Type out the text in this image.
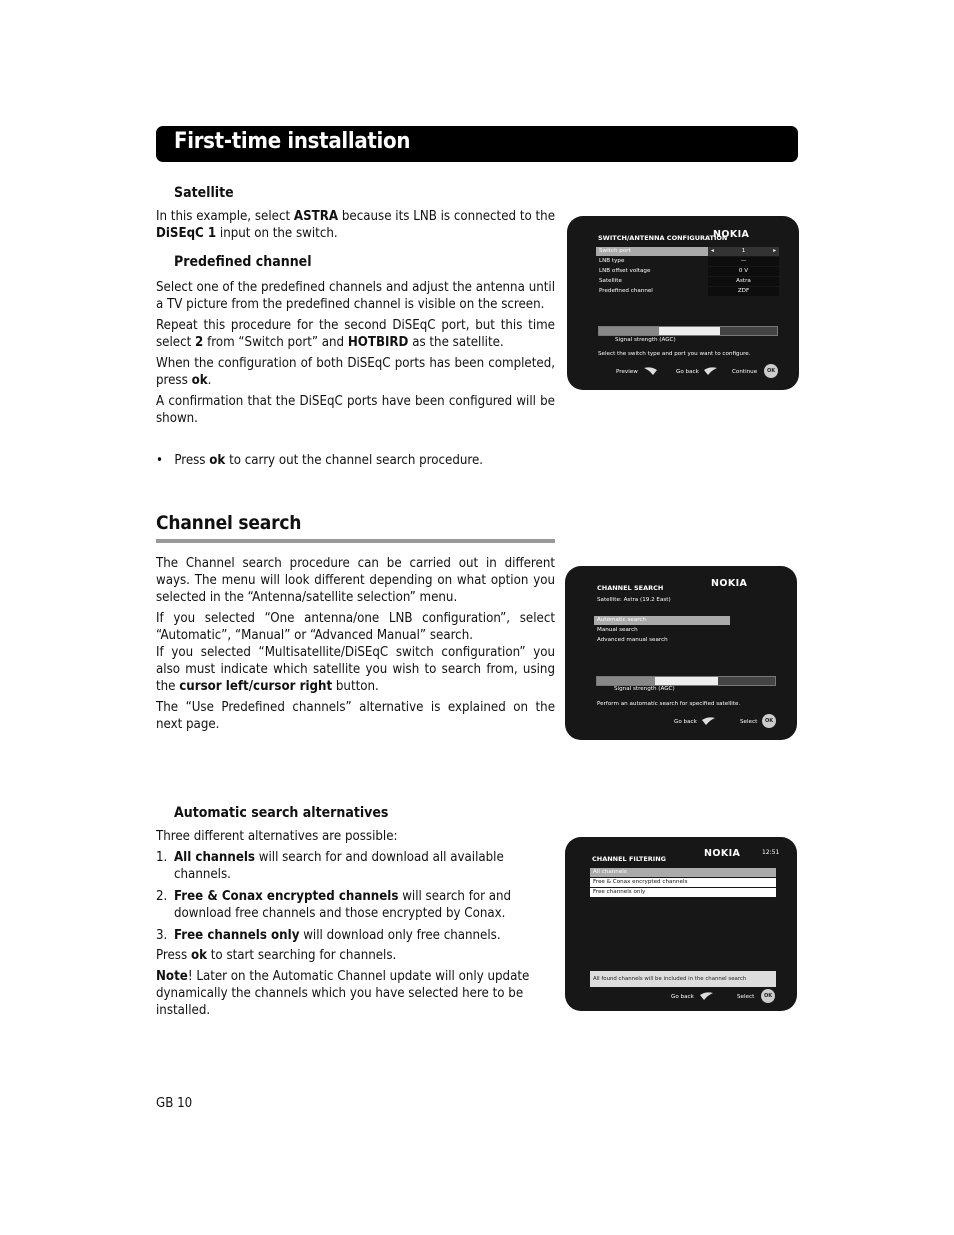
First-time installation
Satellite

In this example, select ASTRA because its LNB is connected to the DiSEqC 1 input on the switch.

Predefined channel

Select one of the predefined channels and adjust the antenna until a TV picture from the predefined channel is visible on the screen.

Repeat this procedure for the second DiSEqC port, but this time select 2 from “Switch port” and HOTBIRD as the satellite.

When the configuration of both DiSEqC ports has been completed, press ok.

A confirmation that the DiSEqC ports have been configured will be shown.

• Press ok to carry out the channel search procedure.

Channel search

The Channel search procedure can be carried out in different ways. The menu will look different depending on what option you selected in the “Antenna/satellite selection” menu.

If you selected “One antenna/one LNB configuration”, select “Automatic”, “Manual” or “Advanced Manual” search.

If you selected “Multisatellite/DiSEqC switch configuration” you also must indicate which satellite you wish to search from, using the cursor left/cursor right button.

The “Use Predefined channels” alternative is explained on the next page.

Automatic search alternatives

Three different alternatives are possible:

1. All channels will search for and download all available channels.
2. Free & Conax encrypted channels will search for and download free channels and those encrypted by Conax.
3. Free channels only will download only free channels.

Press ok to start searching for channels.

Note! Later on the Automatic Channel update will only update dynamically the channels which you have selected here to be installed.

GB 10
SWITCH/ANTENNA CONFIGURATION
NOKIA
Switch port	◂	1	▸
LNB type	—
LNB offset voltage	0 V
Satellite	Astra
Predefined channel	ZDF
Signal strength (AGC)
Select the switch type and port you want to configure.
Preview	Go back	Continue	OK
CHANNEL SEARCH	NOKIA
Satellite: Astra (19.2 East)
Automatic search
Manual search
Advanced manual search
Signal strength (AGC)
Perform an automatic search for specified satellite.
Go back	Select	OK
CHANNEL FILTERING	NOKIA	12:51
All channels
Free & Conax encrypted channels
Free channels only
All found channels will be included in the channel search
Go back	Select	OK
